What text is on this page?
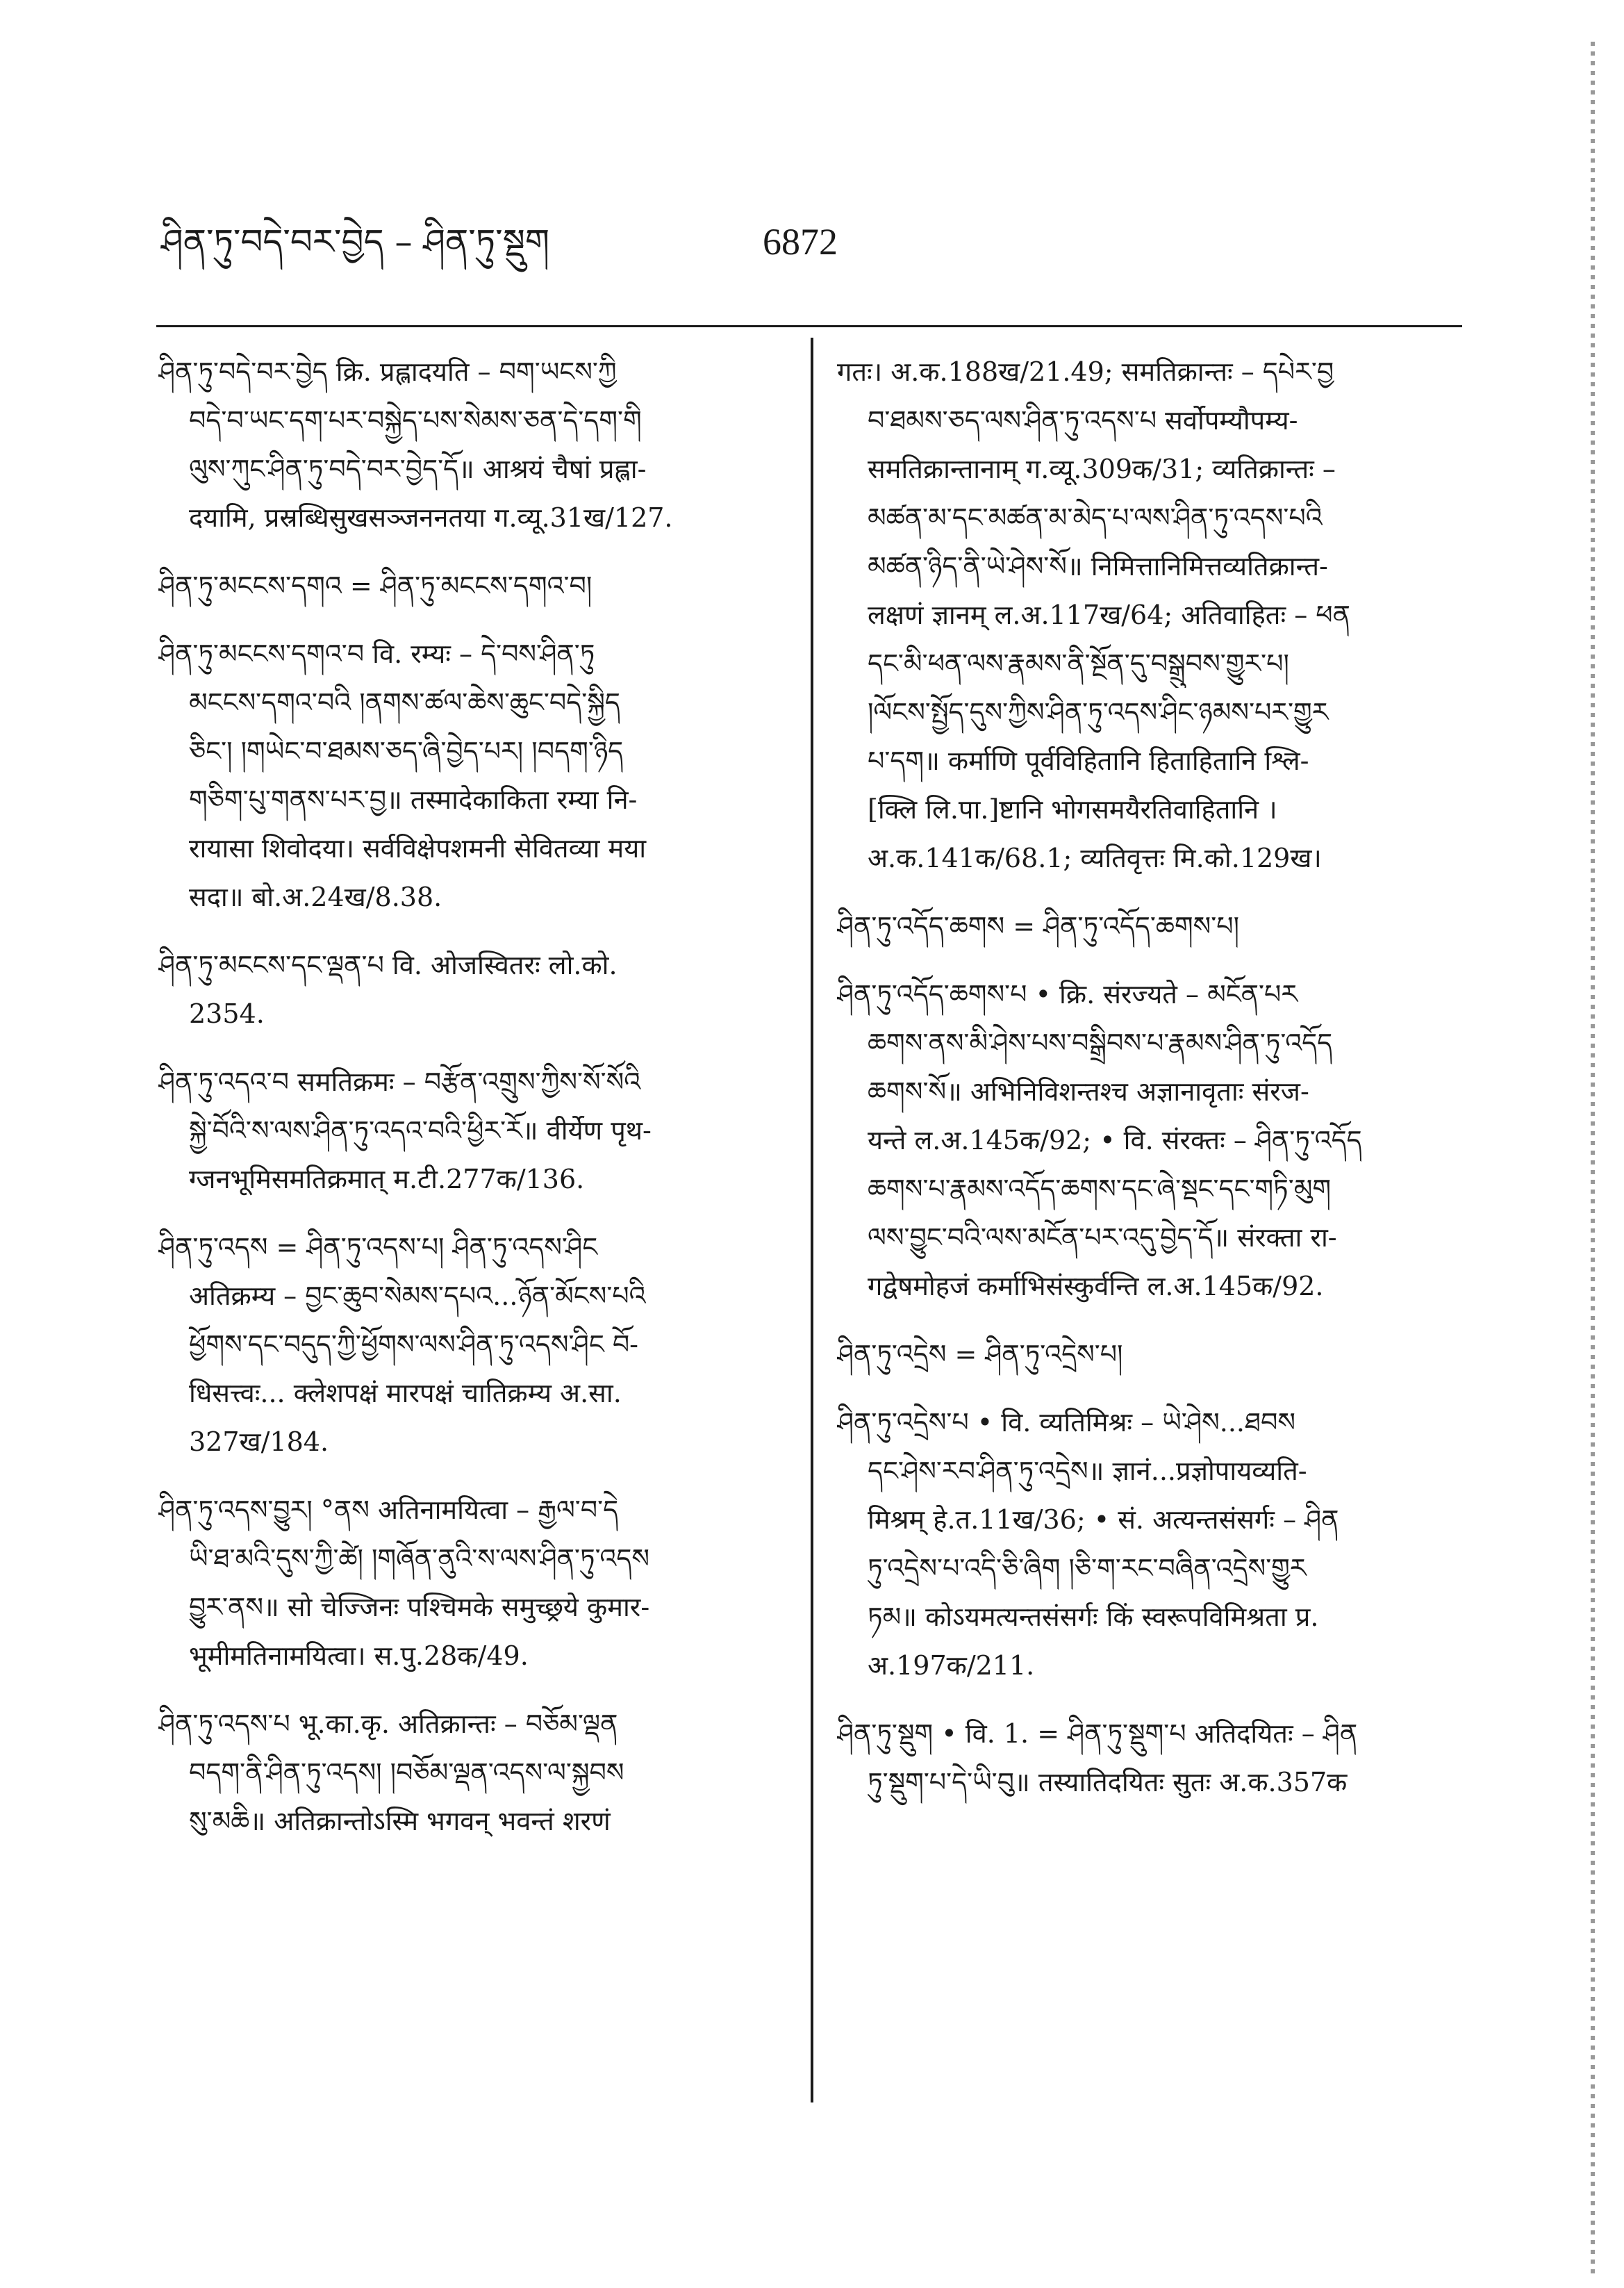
ཤིན་ཏུ་བདེ་བར་བྱེད – ཤིན་ཏུ་སྡུག	6872
ཤིན་ཏུ་བདེ་བར་བྱེད क्रि. प्रह्लादयति – བག་ཡངས་ཀྱི
བདེ་བ་ཡང་དག་པར་བསྐྱེད་པས་སེམས་ཅན་དེ་དག་གི
ལུས་ཀུང་ཤིན་ཏུ་བདེ་བར་བྱེད་དོ॥ आश्रयं चैषां प्रह्ला-
दयामि, प्रस्रब्धिसुखसञ्जननतया ग.व्यू.31ख/127.
ཤིན་ཏུ་མངངས་དགའ = ཤིན་ཏུ་མངངས་དགའ་བ།
ཤིན་ཏུ་མངངས་དགའ་བ वि. रम्यः – དེ་བས་ཤིན་ཏུ
མངངས་དགའ་བའི །ནགས་ཚལ་ཆེས་ཆུང་བདེ་སྐྱིད
ཅིང་། །གཡེང་བ་ཐམས་ཅད་ཞི་བྱེད་པར། །བདག་ཉིད
གཅིག་པུ་གནས་པར་བྱ॥ तस्मादेकाकिता रम्या नि-
रायासा शिवोदया। सर्वविक्षेपशमनी सेवितव्या मया
सदा॥ बो.अ.24ख/8.38.
ཤིན་ཏུ་མངངས་དང་ལྡན་པ वि. ओजस्वितरः लो.को.
2354.
ཤིན་ཏུ་འདའ་བ समतिक्रमः – བརྩོན་འགྲུས་ཀྱིས་སོ་སོའི
སྐྱེ་བོའི་ས་ལས་ཤིན་ཏུ་འདའ་བའི་ཕྱིར་རོ॥ वीर्येण पृथ-
ग्जनभूमिसमतिक्रमात् म.टी.277क/136.
ཤིན་ཏུ་འདས = ཤིན་ཏུ་འདས་པ། ཤིན་ཏུ་འདས་ཤིང
अतिक्रम्य – བྱང་ཆུབ་སེམས་དཔའ...ཉོན་མོངས་པའི
ཕྱོགས་དང་བདུད་ཀྱི་ཕྱོགས་ལས་ཤིན་ཏུ་འདས་ཤིང བོ-
धिसत्त्वः... क्लेशपक्षं मारपक्षं चातिक्रम्य अ.सा.
327ख/184.
ཤིན་ཏུ་འདས་བྱུར། °ནས अतिनामयित्वा – རྒྱལ་བ་དེ
ཡི་ཐ་མའི་དུས་ཀྱི་ཚེ། །གཞོན་ནུའི་ས་ལས་ཤིན་ཏུ་འདས
བྱུར་ནས॥ सो चेज्जिनः पश्चिमके समुच्छ्रये कुमार-
भूमीमतिनामयित्वा। स.पु.28क/49.
ཤིན་ཏུ་འདས་པ भू.का.कृ. अतिक्रान्तः – བཅོམ་ལྡན
བདག་ནི་ཤིན་ཏུ་འདས། །བཅོམ་ལྡན་འདས་ལ་སྐྱབས
སུ་མཆི॥ अतिक्रान्तोऽस्मि भगवन् भवन्तं शरणं
गतः। अ.क.188ख/21.49; समतिक्रान्तः – དཔེར་བྱ
བ་ཐམས་ཅད་ལས་ཤིན་ཏུ་འདས་པ सर्वोपम्यौपम्य-
समतिक्रान्तानाम् ग.व्यू.309क/31; व्यतिक्रान्तः –
མཚན་མ་དང་མཚན་མ་མེད་པ་ལས་ཤིན་ཏུ་འདས་པའི
མཚན་ཉིད་ནི་ཡེ་ཤེས་སོ॥ निमित्तानिमित्तव्यतिक्रान्त-
लक्षणं ज्ञानम् ल.अ.117ख/64; अतिवाहितः – ཕན
དང་མི་ཕན་ལས་རྣམས་ནི་སྔོན་དུ་བསྒྲུབས་གྱུར་པ།
།ལོངས་སྤྱོད་དུས་ཀྱིས་ཤིན་ཏུ་འདས་ཤིང་ཉམས་པར་གྱུར
པ་དག॥ कर्माणि पूर्वविहितानि हिताहितानि श्लि-
[क्लि लि.पा.]ष्टानि भोगसमयैरतिवाहितानि ।
अ.क.141क/68.1; व्यतिवृत्तः मि.को.129ख।
ཤིན་ཏུ་འདོད་ཆགས = ཤིན་ཏུ་འདོད་ཆགས་པ།
ཤིན་ཏུ་འདོད་ཆགས་པ • क्रि. संरज्यते – མངོན་པར
ཆགས་ནས་མི་ཤེས་པས་བསྒྲིབས་པ་རྣམས་ཤིན་ཏུ་འདོད
ཆགས་སོ॥ अभिनिविशन्तश्च अज्ञानावृताः संरज-
यन्ते ल.अ.145क/92; • वि. संरक्तः – ཤིན་ཏུ་འདོད
ཆགས་པ་རྣམས་འདོད་ཆགས་དང་ཞེ་སྡང་དང་གཏི་མུག
ལས་བྱུང་བའི་ལས་མངོན་པར་འདུ་བྱེད་དོ॥ संरक्ता रा-
गद्वेषमोहजं कर्माभिसंस्कुर्वन्ति ल.अ.145क/92.
ཤིན་ཏུ་འདྲེས = ཤིན་ཏུ་འདྲེས་པ།
ཤིན་ཏུ་འདྲེས་པ • वि. व्यतिमिश्रः – ཡེ་ཤེས...ཐབས
དང་ཤེས་རབ་ཤིན་ཏུ་འདྲེས॥ ज्ञानं...प्रज्ञोपायव्यति-
मिश्रम् हे.त.11ख/36; • सं. अत्यन्तसंसर्गः – ཤིན
ཏུ་འདྲེས་པ་འདི་ཅི་ཞིག །ཅི་ག་རང་བཞིན་འདྲེས་གྱུར
ཏམ॥ कोऽयमत्यन्तसंसर्गः किं स्वरूपविमिश्रता प्र.
अ.197क/211.
ཤིན་ཏུ་སྡུག • वि. 1. = ཤིན་ཏུ་སྡུག་པ अतिदयितः – ཤིན
ཏུ་སྡུག་པ་དེ་ཡི་བུ॥ तस्यातिदयितः सुतः अ.क.357क
